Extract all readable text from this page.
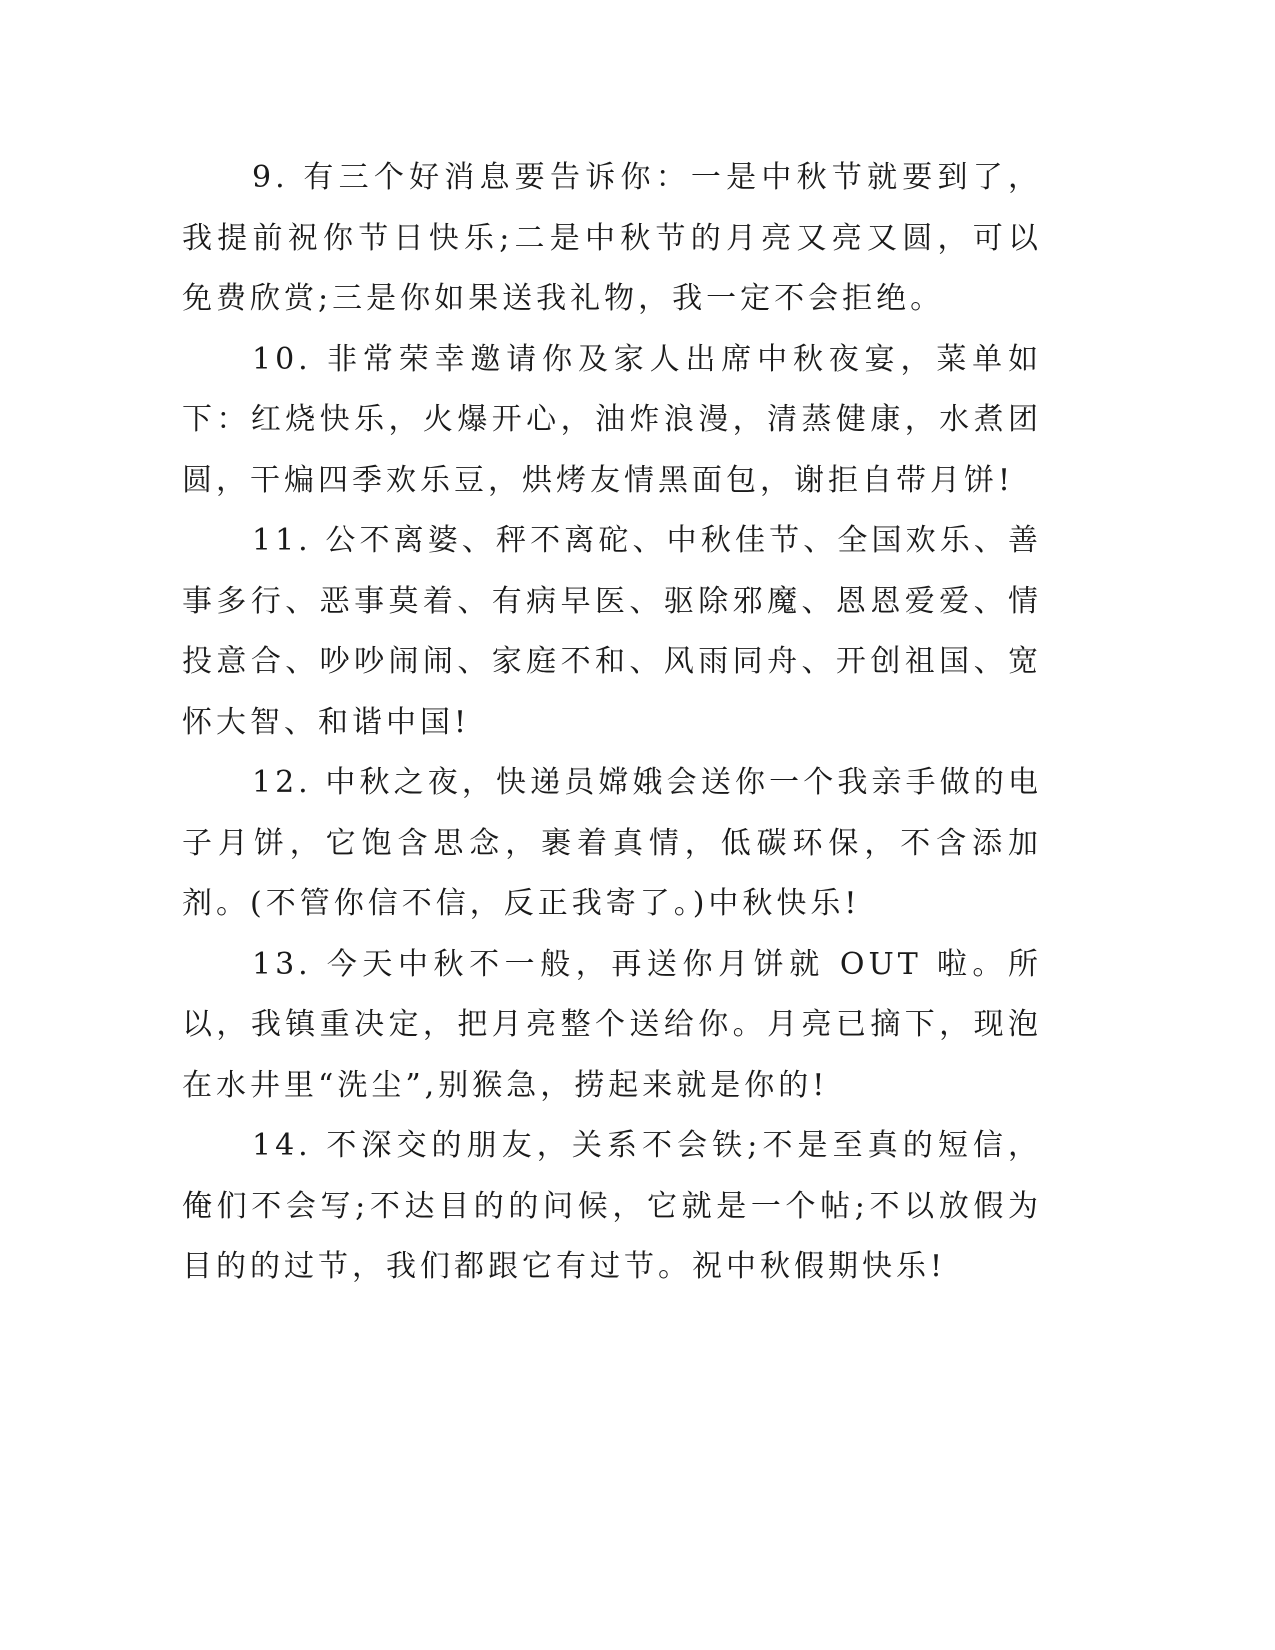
9. 有三个好消息要告诉你：一是中秋节就要到了，我提前祝你节日快乐;二是中秋节的月亮又亮又圆，可以免费欣赏;三是你如果送我礼物，我一定不会拒绝。

10. 非常荣幸邀请你及家人出席中秋夜宴，菜单如下：红烧快乐，火爆开心，油炸浪漫，清蒸健康，水煮团圆，干煸四季欢乐豆，烘烤友情黑面包，谢拒自带月饼!

11. 公不离婆、秤不离砣、中秋佳节、全国欢乐、善事多行、恶事莫着、有病早医、驱除邪魔、恩恩爱爱、情投意合、吵吵闹闹、家庭不和、风雨同舟、开创祖国、宽怀大智、和谐中国!

12. 中秋之夜，快递员嫦娥会送你一个我亲手做的电子月饼，它饱含思念，裹着真情，低碳环保，不含添加剂。(不管你信不信，反正我寄了。)中秋快乐!

13. 今天中秋不一般，再送你月饼就 OUT 啦。所以，我镇重决定，把月亮整个送给你。月亮已摘下，现泡在水井里“洗尘”,别猴急，捞起来就是你的!

14. 不深交的朋友，关系不会铁;不是至真的短信，俺们不会写;不达目的的问候，它就是一个帖;不以放假为目的的过节，我们都跟它有过节。祝中秋假期快乐!
